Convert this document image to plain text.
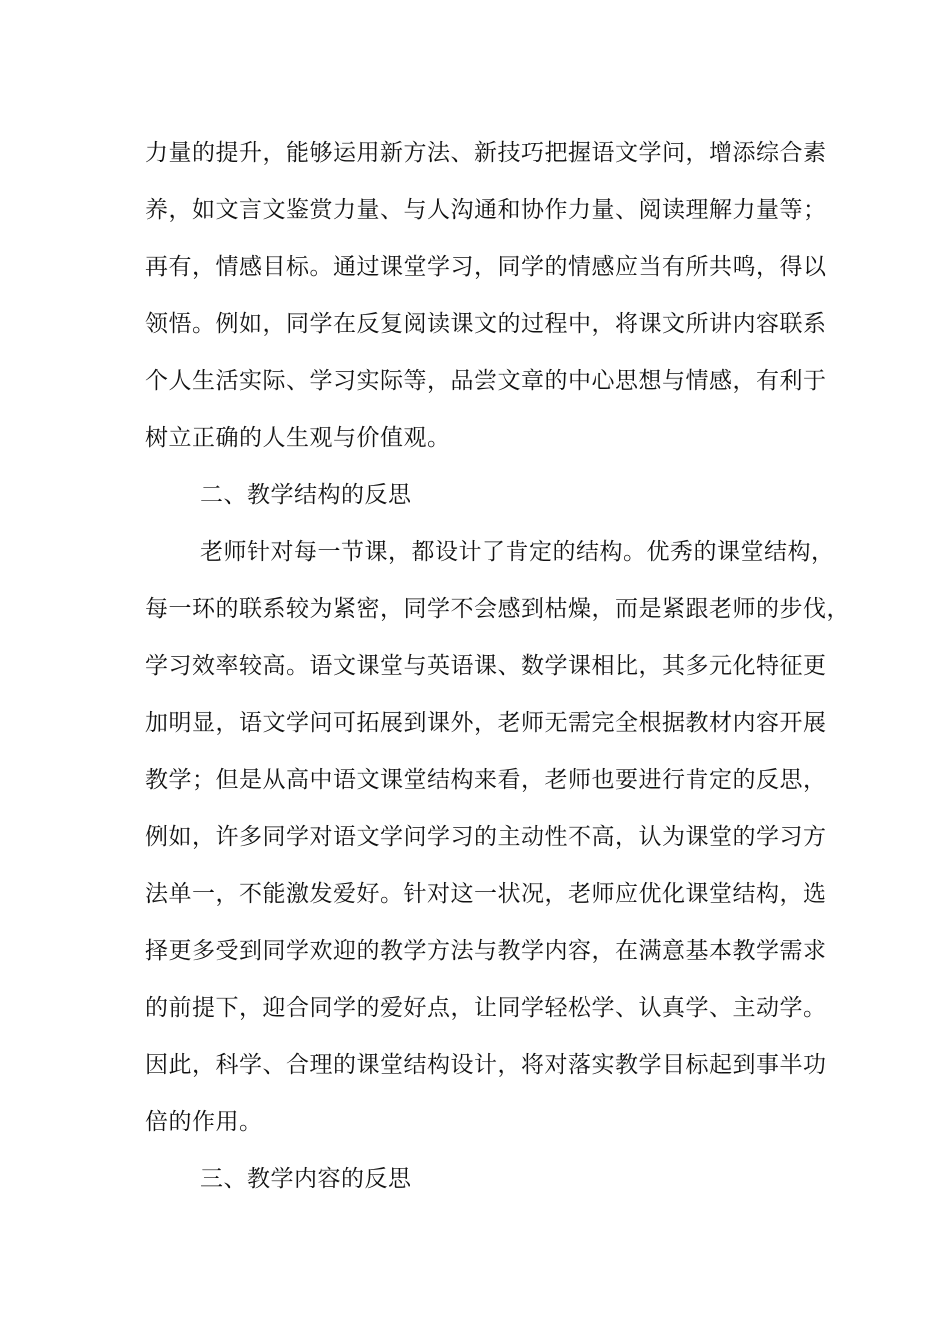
力量的提升，能够运用新方法、新技巧把握语文学问，增添综合素
养，如文言文鉴赏力量、与人沟通和协作力量、阅读理解力量等；
再有，情感目标。通过课堂学习，同学的情感应当有所共鸣，得以
领悟。例如，同学在反复阅读课文的过程中，将课文所讲内容联系
个人生活实际、学习实际等，品尝文章的中心思想与情感，有利于
树立正确的人生观与价值观。
二、教学结构的反思
老师针对每一节课，都设计了肯定的结构。优秀的课堂结构，
每一环的联系较为紧密，同学不会感到枯燥，而是紧跟老师的步伐，
学习效率较高。语文课堂与英语课、数学课相比，其多元化特征更
加明显，语文学问可拓展到课外，老师无需完全根据教材内容开展
教学；但是从高中语文课堂结构来看，老师也要进行肯定的反思，
例如，许多同学对语文学问学习的主动性不高，认为课堂的学习方
法单一，不能激发爱好。针对这一状况，老师应优化课堂结构，选
择更多受到同学欢迎的教学方法与教学内容，在满意基本教学需求
的前提下，迎合同学的爱好点，让同学轻松学、认真学、主动学。
因此，科学、合理的课堂结构设计，将对落实教学目标起到事半功
倍的作用。
三、教学内容的反思
